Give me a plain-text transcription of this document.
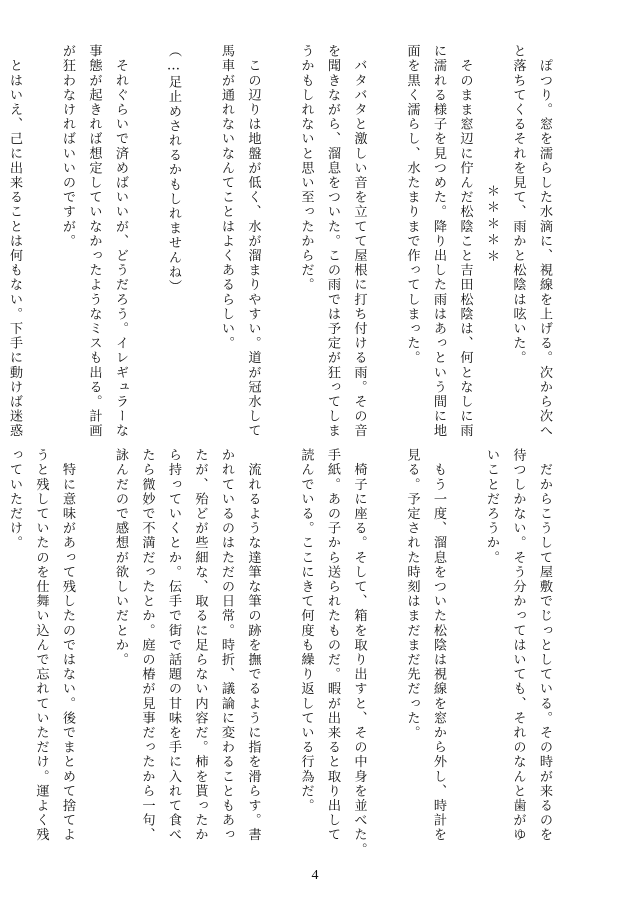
　ぽつり。窓を濡らした水滴に、視線を上げる。次から次へ
と落ちてくるそれを見て、雨かと松陰は呟いた。
＊＊＊＊＊
　そのまま窓辺に佇んだ松陰こと吉田松陰は、何となしに雨
に濡れる様子を見つめた。降り出した雨はあっという間に地
面を黒く濡らし、水たまりまで作ってしまった。

　バタバタと激しい音を立てて屋根に打ち付ける雨。その音
を聞きながら、溜息をついた。この雨では予定が狂ってしま
うかもしれないと思い至ったからだ。

　この辺りは地盤が低く、水が溜まりやすい。道が冠水して
馬車が通れないなんてことはよくあるらしい。

（…足止めされるかもしれませんね）

　それぐらいで済めばいいが、どうだろう。イレギュラーな
事態が起きれば想定していなかったようなミスも出る。計画
が狂わなければいいのですが。

　とはいえ、己に出来ることは何もない。下手に動けば迷惑
　だからこうして屋敷でじっとしている。その時が来るのを
待つしかない。そう分かってはいても、それのなんと歯がゆ
いことだろうか。

　もう一度、溜息をついた松陰は視線を窓から外し、時計を
見る。予定された時刻はまだまだ先だった。

　椅子に座る。そして、箱を取り出すと、その中身を並べた。
手紙。あの子から送られたものだ。暇が出来ると取り出して
読んでいる。ここにきて何度も繰り返している行為だ。

　流れるような達筆な筆の跡を撫でるように指を滑らす。書
かれているのはただの日常。時折、議論に変わることもあっ
たが、殆どが些細な、取るに足らない内容だ。柿を貰ったか
ら持っていくとか。伝手で街で話題の甘味を手に入れて食べ
たら微妙で不満だったとか。庭の椿が見事だったから一句、
詠んだので感想が欲しいだとか。

　特に意味があって残したのではない。後でまとめて捨てよ
うと残していたのを仕舞い込んで忘れていただけ。運よく残
っていただけ。

4
